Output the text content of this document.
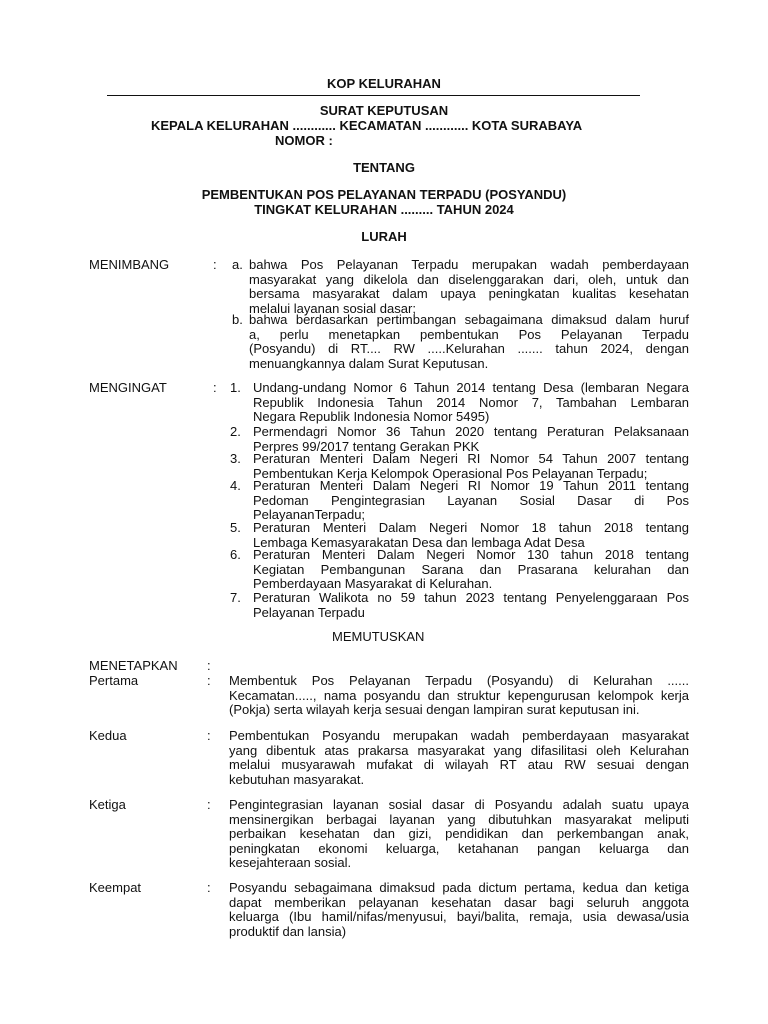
KOP KELURAHAN
SURAT KEPUTUSAN
KEPALA KELURAHAN ............ KECAMATAN ............ KOTA SURABAYA
NOMOR :
TENTANG
PEMBENTUKAN POS PELAYANAN TERPADU (POSYANDU)
TINGKAT KELURAHAN ......... TAHUN 2024
LURAH
MENIMBANG	: a. bahwa Pos Pelayanan Terpadu merupakan wadah pemberdayaan
masyarakat yang dikelola dan diselenggarakan dari, oleh, untuk dan
bersama masyarakat dalam upaya peningkatan kualitas kesehatan
melalui layanan sosial dasar;
b. bahwa berdasarkan pertimbangan sebagaimana dimaksud dalam huruf
a, perlu menetapkan pembentukan Pos Pelayanan Terpadu
(Posyandu) di RT.... RW .....Kelurahan ....... tahun 2024, dengan
menuangkannya dalam Surat Keputusan.
MENGINGAT	: 1. Undang-undang Nomor 6 Tahun 2014 tentang Desa (lembaran Negara
Republik Indonesia Tahun 2014 Nomor 7, Tambahan Lembaran
Negara Republik Indonesia Nomor 5495)
2. Permendagri Nomor 36 Tahun 2020 tentang Peraturan Pelaksanaan
Perpres 99/2017 tentang Gerakan PKK
3. Peraturan Menteri Dalam Negeri RI Nomor 54 Tahun 2007 tentang
Pembentukan Kerja Kelompok Operasional Pos Pelayanan Terpadu;
4. Peraturan Menteri Dalam Negeri RI Nomor 19 Tahun 2011 tentang
Pedoman Pengintegrasian Layanan Sosial Dasar di Pos
PelayananTerpadu;
5. Peraturan Menteri Dalam Negeri Nomor 18 tahun 2018 tentang
Lembaga Kemasyarakatan Desa dan lembaga Adat Desa
6. Peraturan Menteri Dalam Negeri Nomor 130 tahun 2018 tentang
Kegiatan Pembangunan Sarana dan Prasarana kelurahan dan
Pemberdayaan Masyarakat di Kelurahan.
7. Peraturan Walikota no 59 tahun 2023 tentang Penyelenggaraan Pos
Pelayanan Terpadu
MEMUTUSKAN
MENETAPKAN :
Pertama	: Membentuk Pos Pelayanan Terpadu (Posyandu) di Kelurahan ......
Kecamatan....., nama posyandu dan struktur kepengurusan kelompok kerja
(Pokja) serta wilayah kerja sesuai dengan lampiran surat keputusan ini.
Kedua	: Pembentukan Posyandu merupakan wadah pemberdayaan masyarakat
yang dibentuk atas prakarsa masyarakat yang difasilitasi oleh Kelurahan
melalui musyarawah mufakat di wilayah RT atau RW sesuai dengan
kebutuhan masyarakat.
Ketiga	: Pengintegrasian layanan sosial dasar di Posyandu adalah suatu upaya
mensinergikan berbagai layanan yang dibutuhkan masyarakat meliputi
perbaikan kesehatan dan gizi, pendidikan dan perkembangan anak,
peningkatan ekonomi keluarga, ketahanan pangan keluarga dan
kesejahteraan sosial.
Keempat	: Posyandu sebagaimana dimaksud pada dictum pertama, kedua dan ketiga
dapat memberikan pelayanan kesehatan dasar bagi seluruh anggota
keluarga (Ibu hamil/nifas/menyusui, bayi/balita, remaja, usia dewasa/usia
produktif dan lansia)
